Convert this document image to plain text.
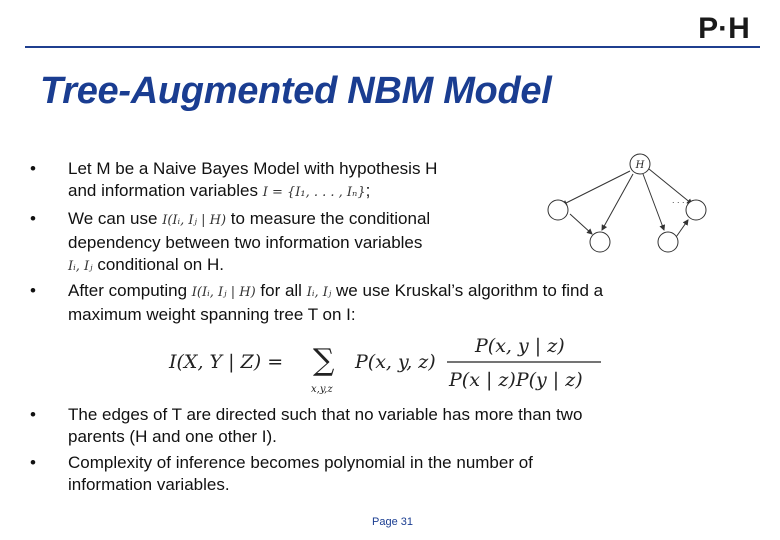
P·H
Tree-Augmented NBM Model
• Let M be a Naive Bayes Model with hypothesis H
and information variables I = {I₁, . . . , Iₙ};
• We can use I(Iᵢ, Iⱼ | H) to measure the conditional
dependency between two information variables
Iᵢ, Iⱼ conditional on H.
• After computing I(Iᵢ, Iⱼ | H) for all Iᵢ, Iⱼ we use Kruskal’s algorithm to find a
maximum weight spanning tree T on I:
H
. . .
I(X, Y | Z) = ∑
x,y,z
P(x, y, z)
P(x, y | z)
P(x | z)P(y | z)
• The edges of T are directed such that no variable has more than two
parents (H and one other I).
• Complexity of inference becomes polynomial in the number of
information variables.
Page 31
